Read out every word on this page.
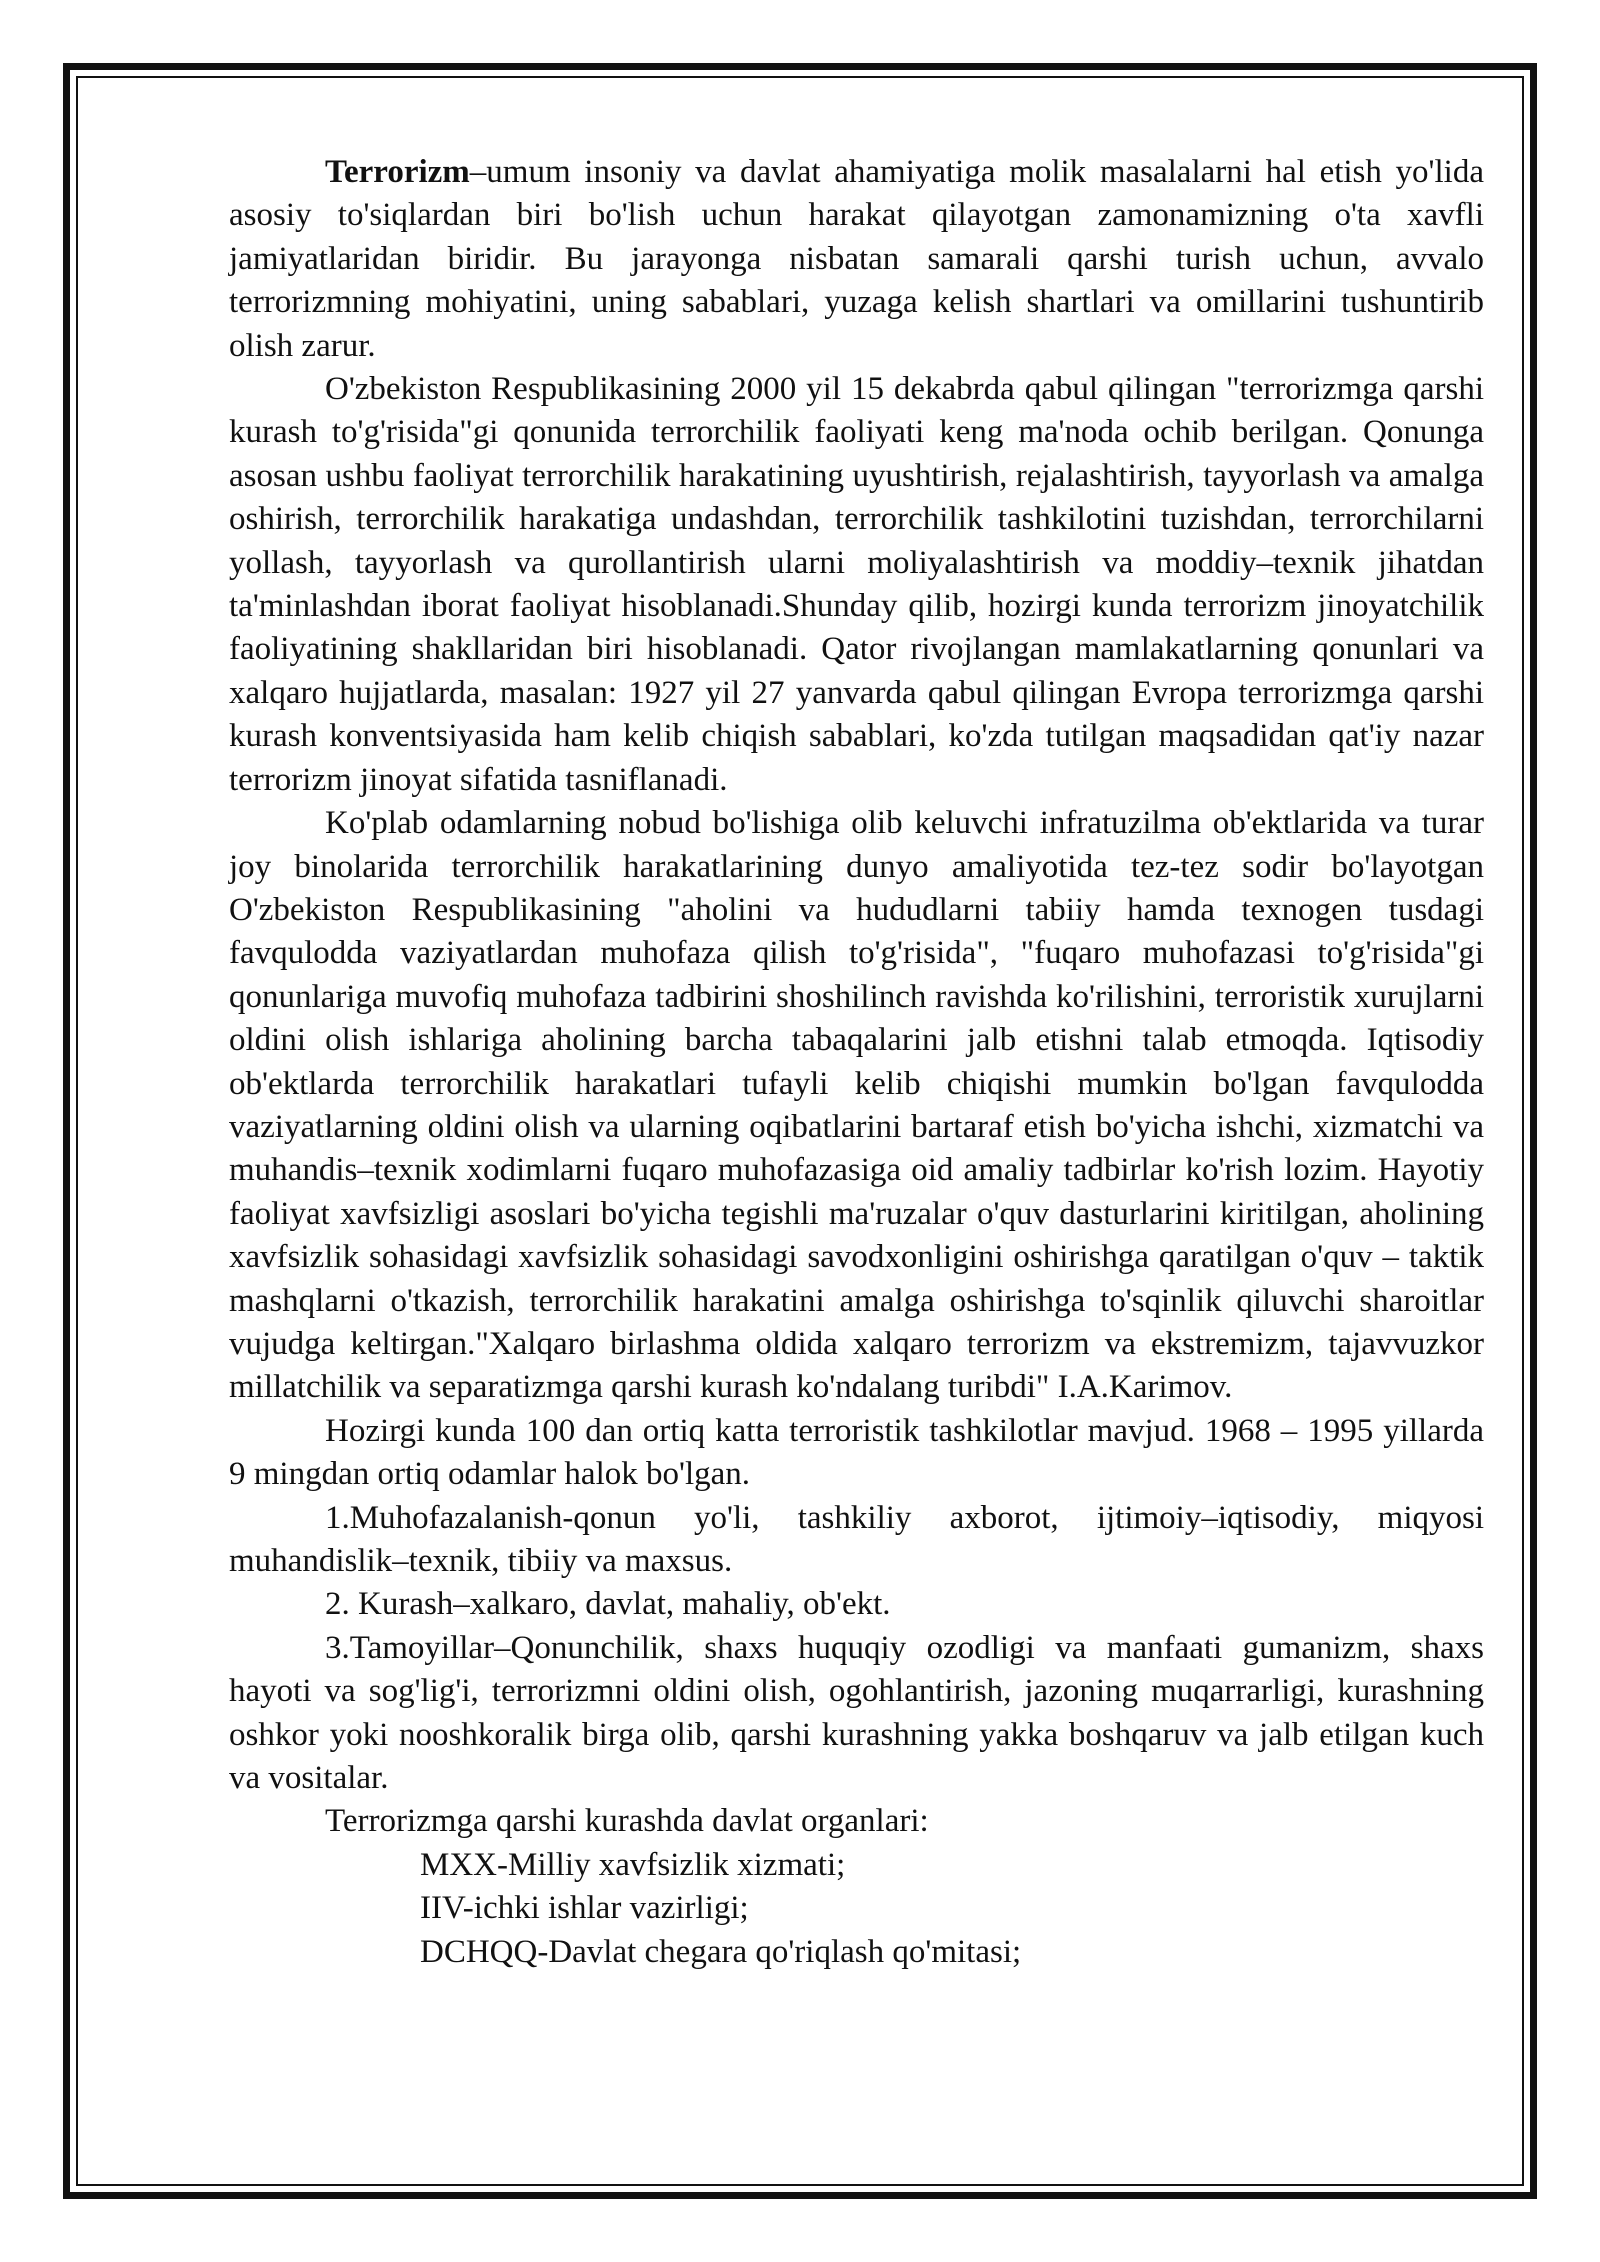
Terrorizm–umum insoniy va davlat ahamiyatiga molik masalalarni hal etish yo'lida asosiy to'siqlardan biri bo'lish uchun harakat qilayotgan zamonamizning o'ta xavfli jamiyatlaridan biridir. Bu jarayonga nisbatan samarali qarshi turish uchun, avvalo terrorizmning mohiyatini, uning sabablari, yuzaga kelish shartlari va omillarini tushuntirib olish zarur.

O'zbekiston Respublikasining 2000 yil 15 dekabrda qabul qilingan "terrorizmga qarshi kurash to'g'risida"gi qonunida terrorchilik faoliyati keng ma'noda ochib berilgan. Qonunga asosan ushbu faoliyat terrorchilik harakatining uyushtirish, rejalashtirish, tayyorlash va amalga oshirish, terrorchilik harakatiga undashdan, terrorchilik tashkilotini tuzishdan, terrorchilarni yollash, tayyorlash va qurollantirish ularni moliyalashtirish va moddiy–texnik jihatdan ta'minlashdan iborat faoliyat hisoblanadi.Shunday qilib, hozirgi kunda terrorizm jinoyatchilik faoliyatining shakllaridan biri hisoblanadi. Qator rivojlangan mamlakatlarning qonunlari va xalqaro hujjatlarda, masalan: 1927 yil 27 yanvarda qabul qilingan Evropa terrorizmga qarshi kurash konventsiyasida ham kelib chiqish sabablari, ko'zda tutilgan maqsadidan qat'iy nazar terrorizm jinoyat sifatida tasniflanadi.

Ko'plab odamlarning nobud bo'lishiga olib keluvchi infratuzilma ob'ektlarida va turar joy binolarida terrorchilik harakatlarining dunyo amaliyotida tez-tez sodir bo'layotgan O'zbekiston Respublikasining "aholini va hududlarni tabiiy hamda texnogen tusdagi favqulodda vaziyatlardan muhofaza qilish to'g'risida", "fuqaro muhofazasi to'g'risida"gi qonunlariga muvofiq muhofaza tadbirini shoshilinch ravishda ko'rilishini, terroristik xurujlarni oldini olish ishlariga aholining barcha tabaqalarini jalb etishni talab etmoqda. Iqtisodiy ob'ektlarda terrorchilik harakatlari tufayli kelib chiqishi mumkin bo'lgan favqulodda vaziyatlarning oldini olish va ularning oqibatlarini bartaraf etish bo'yicha ishchi, xizmatchi va muhandis–texnik xodimlarni fuqaro muhofazasiga oid amaliy tadbirlar ko'rish lozim. Hayotiy faoliyat xavfsizligi asoslari bo'yicha tegishli ma'ruzalar o'quv dasturlarini kiritilgan, aholining xavfsizlik sohasidagi xavfsizlik sohasidagi savodxonligini oshirishga qaratilgan o'quv – taktik mashqlarni o'tkazish, terrorchilik harakatini amalga oshirishga to'sqinlik qiluvchi sharoitlar vujudga keltirgan."Xalqaro birlashma oldida xalqaro terrorizm va ekstremizm, tajavvuzkor millatchilik va separatizmga qarshi kurash ko'ndalang turibdi" I.A.Karimov.

Hozirgi kunda 100 dan ortiq katta terroristik tashkilotlar mavjud. 1968 – 1995 yillarda 9 mingdan ortiq odamlar halok bo'lgan.

1.Muhofazalanish-qonun yo'li, tashkiliy axborot, ijtimoiy–iqtisodiy, miqyosi muhandislik–texnik, tibiiy va maxsus.

2. Kurash–xalkaro, davlat, mahaliy, ob'ekt.

3.Tamoyillar–Qonunchilik, shaxs huquqiy ozodligi va manfaati gumanizm, shaxs hayoti va sog'lig'i, terrorizmni oldini olish, ogohlantirish, jazoning muqarrarligi, kurashning oshkor yoki nooshkoralik birga olib, qarshi kurashning yakka boshqaruv va jalb etilgan kuch va vositalar.

Terrorizmga qarshi kurashda davlat organlari:

MXX-Milliy xavfsizlik xizmati;
IIV-ichki ishlar vazirligi;
DCHQQ-Davlat chegara qo'riqlash qo'mitasi;
